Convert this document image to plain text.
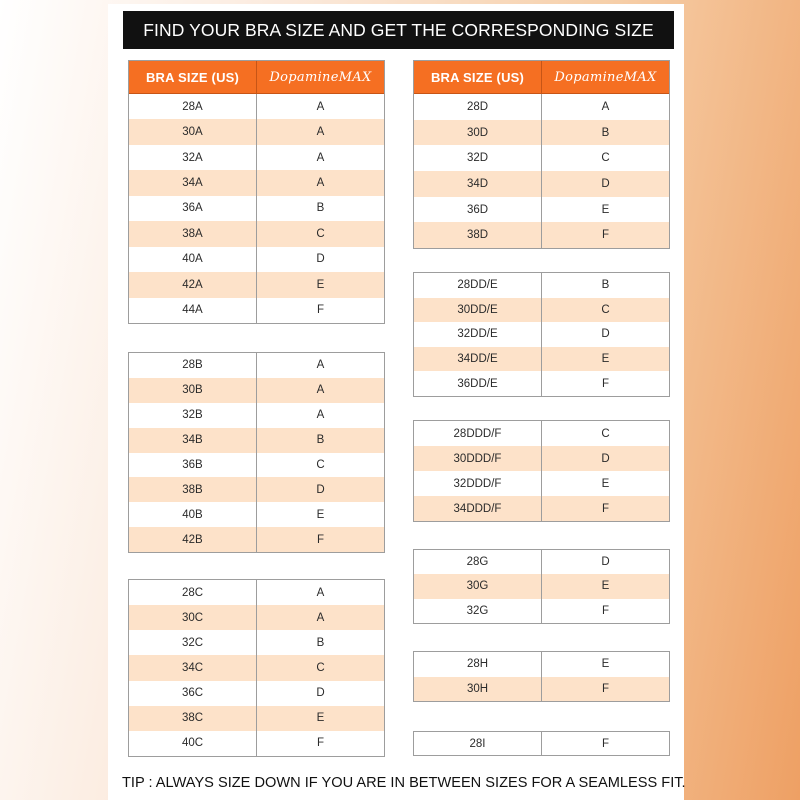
FIND YOUR BRA SIZE AND GET THE CORRESPONDING SIZE
BRA SIZE (US)	DopamineMAX
28A	A
30A	A
32A	A
34A	A
36A	B
38A	C
40A	D
42A	E
44A	F
28B	A
30B	A
32B	A
34B	B
36B	C
38B	D
40B	E
42B	F
28C	A
30C	A
32C	B
34C	C
36C	D
38C	E
40C	F
BRA SIZE (US)	DopamineMAX
28D	A
30D	B
32D	C
34D	D
36D	E
38D	F
28DD/E	B
30DD/E	C
32DD/E	D
34DD/E	E
36DD/E	F
28DDD/F	C
30DDD/F	D
32DDD/F	E
34DDD/F	F
28G	D
30G	E
32G	F
28H	E
30H	F
28I	F
TIP : ALWAYS SIZE DOWN IF YOU ARE IN BETWEEN SIZES FOR A SEAMLESS FIT.
